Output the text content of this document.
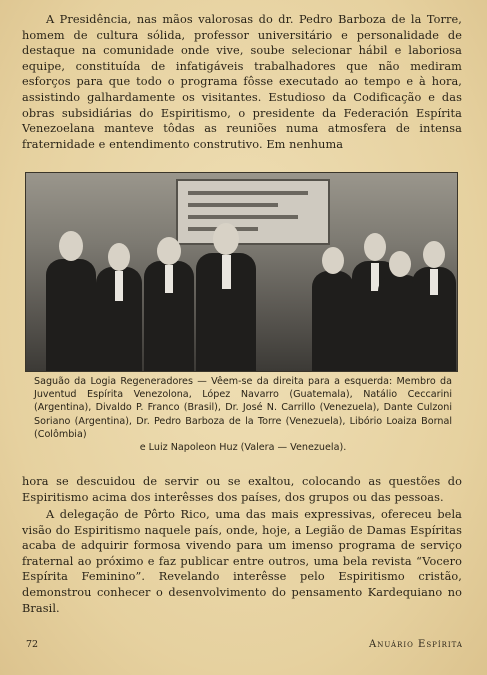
A Presidência, nas mãos valorosas do dr. Pedro Barboza de la Torre, homem de cultura sólida, professor universitário e personalidade de destaque na comunidade onde vive, soube selecionar hábil e laboriosa equipe, constituída de infatigáveis trabalhadores que não mediram esforços para que todo o programa fôsse executado ao tempo e à hora, assistindo galhardamente os visitantes. Estudioso da Codificação e das obras subsidiárias do Espiritismo, o presidente da Federación Espírita Venezoelana manteve tôdas as reuniões numa atmosfera de intensa fraternidade e entendimento construtivo. Em nenhuma

Saguão da Logia Regeneradores — Vêem-se da direita para a esquerda: Membro da Juventud Espírita Venezolona, López Navarro (Guatemala), Natálio Ceccarini (Argentina), Divaldo P. Franco (Brasil), Dr. José N. Carrillo (Venezuela), Dante Culzoni Soriano (Argentina), Dr. Pedro Barboza de la Torre (Venezuela), Libório Loaiza Bornal (Colômbia)
e Luiz Napoleon Huz (Valera — Venezuela).

hora se descuidou de servir ou se exaltou, colocando as questões do Espiritismo acima dos interêsses dos países, dos grupos ou das pessoas.

A delegação de Pôrto Rico, uma das mais expressivas, ofereceu bela visão do Espiritismo naquele país, onde, hoje, a Legião de Damas Espíritas acaba de adquirir formosa vivendo para um imenso programa de serviço fraternal ao próximo e faz publicar entre outros, uma bela revista “Vocero Espírita Feminino”. Revelando interêsse pelo Espiritismo cristão, demonstrou conhecer o desenvolvimento do pensamento Kardequiano no Brasil.

72	Anuário Espírita
